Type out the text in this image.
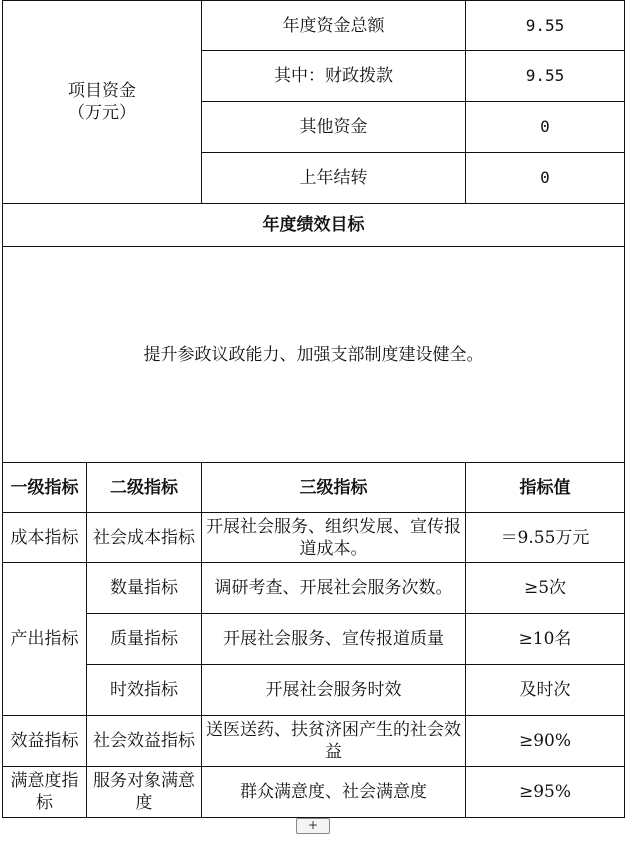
项目资金
（万元）		年度资金总额	9.55
		其中：财政拨款	9.55
		其他资金	0
		上年结转	0
年度绩效目标			
提升参政议政能力、加强支部制度建设健全。			
一级指标	二级指标	三级指标	指标值
成本指标	社会成本指标	开展社会服务、组织发展、宣传报道成本。	＝9.55万元
产出指标	数量指标	调研考查、开展社会服务次数。	≥5次
	质量指标	开展社会服务、宣传报道质量	≥10名
	时效指标	开展社会服务时效	及时次
效益指标	社会效益指标	送医送药、扶贫济困产生的社会效益	≥90%
满意度指标	服务对象满意度	群众满意度、社会满意度	≥95%
+
